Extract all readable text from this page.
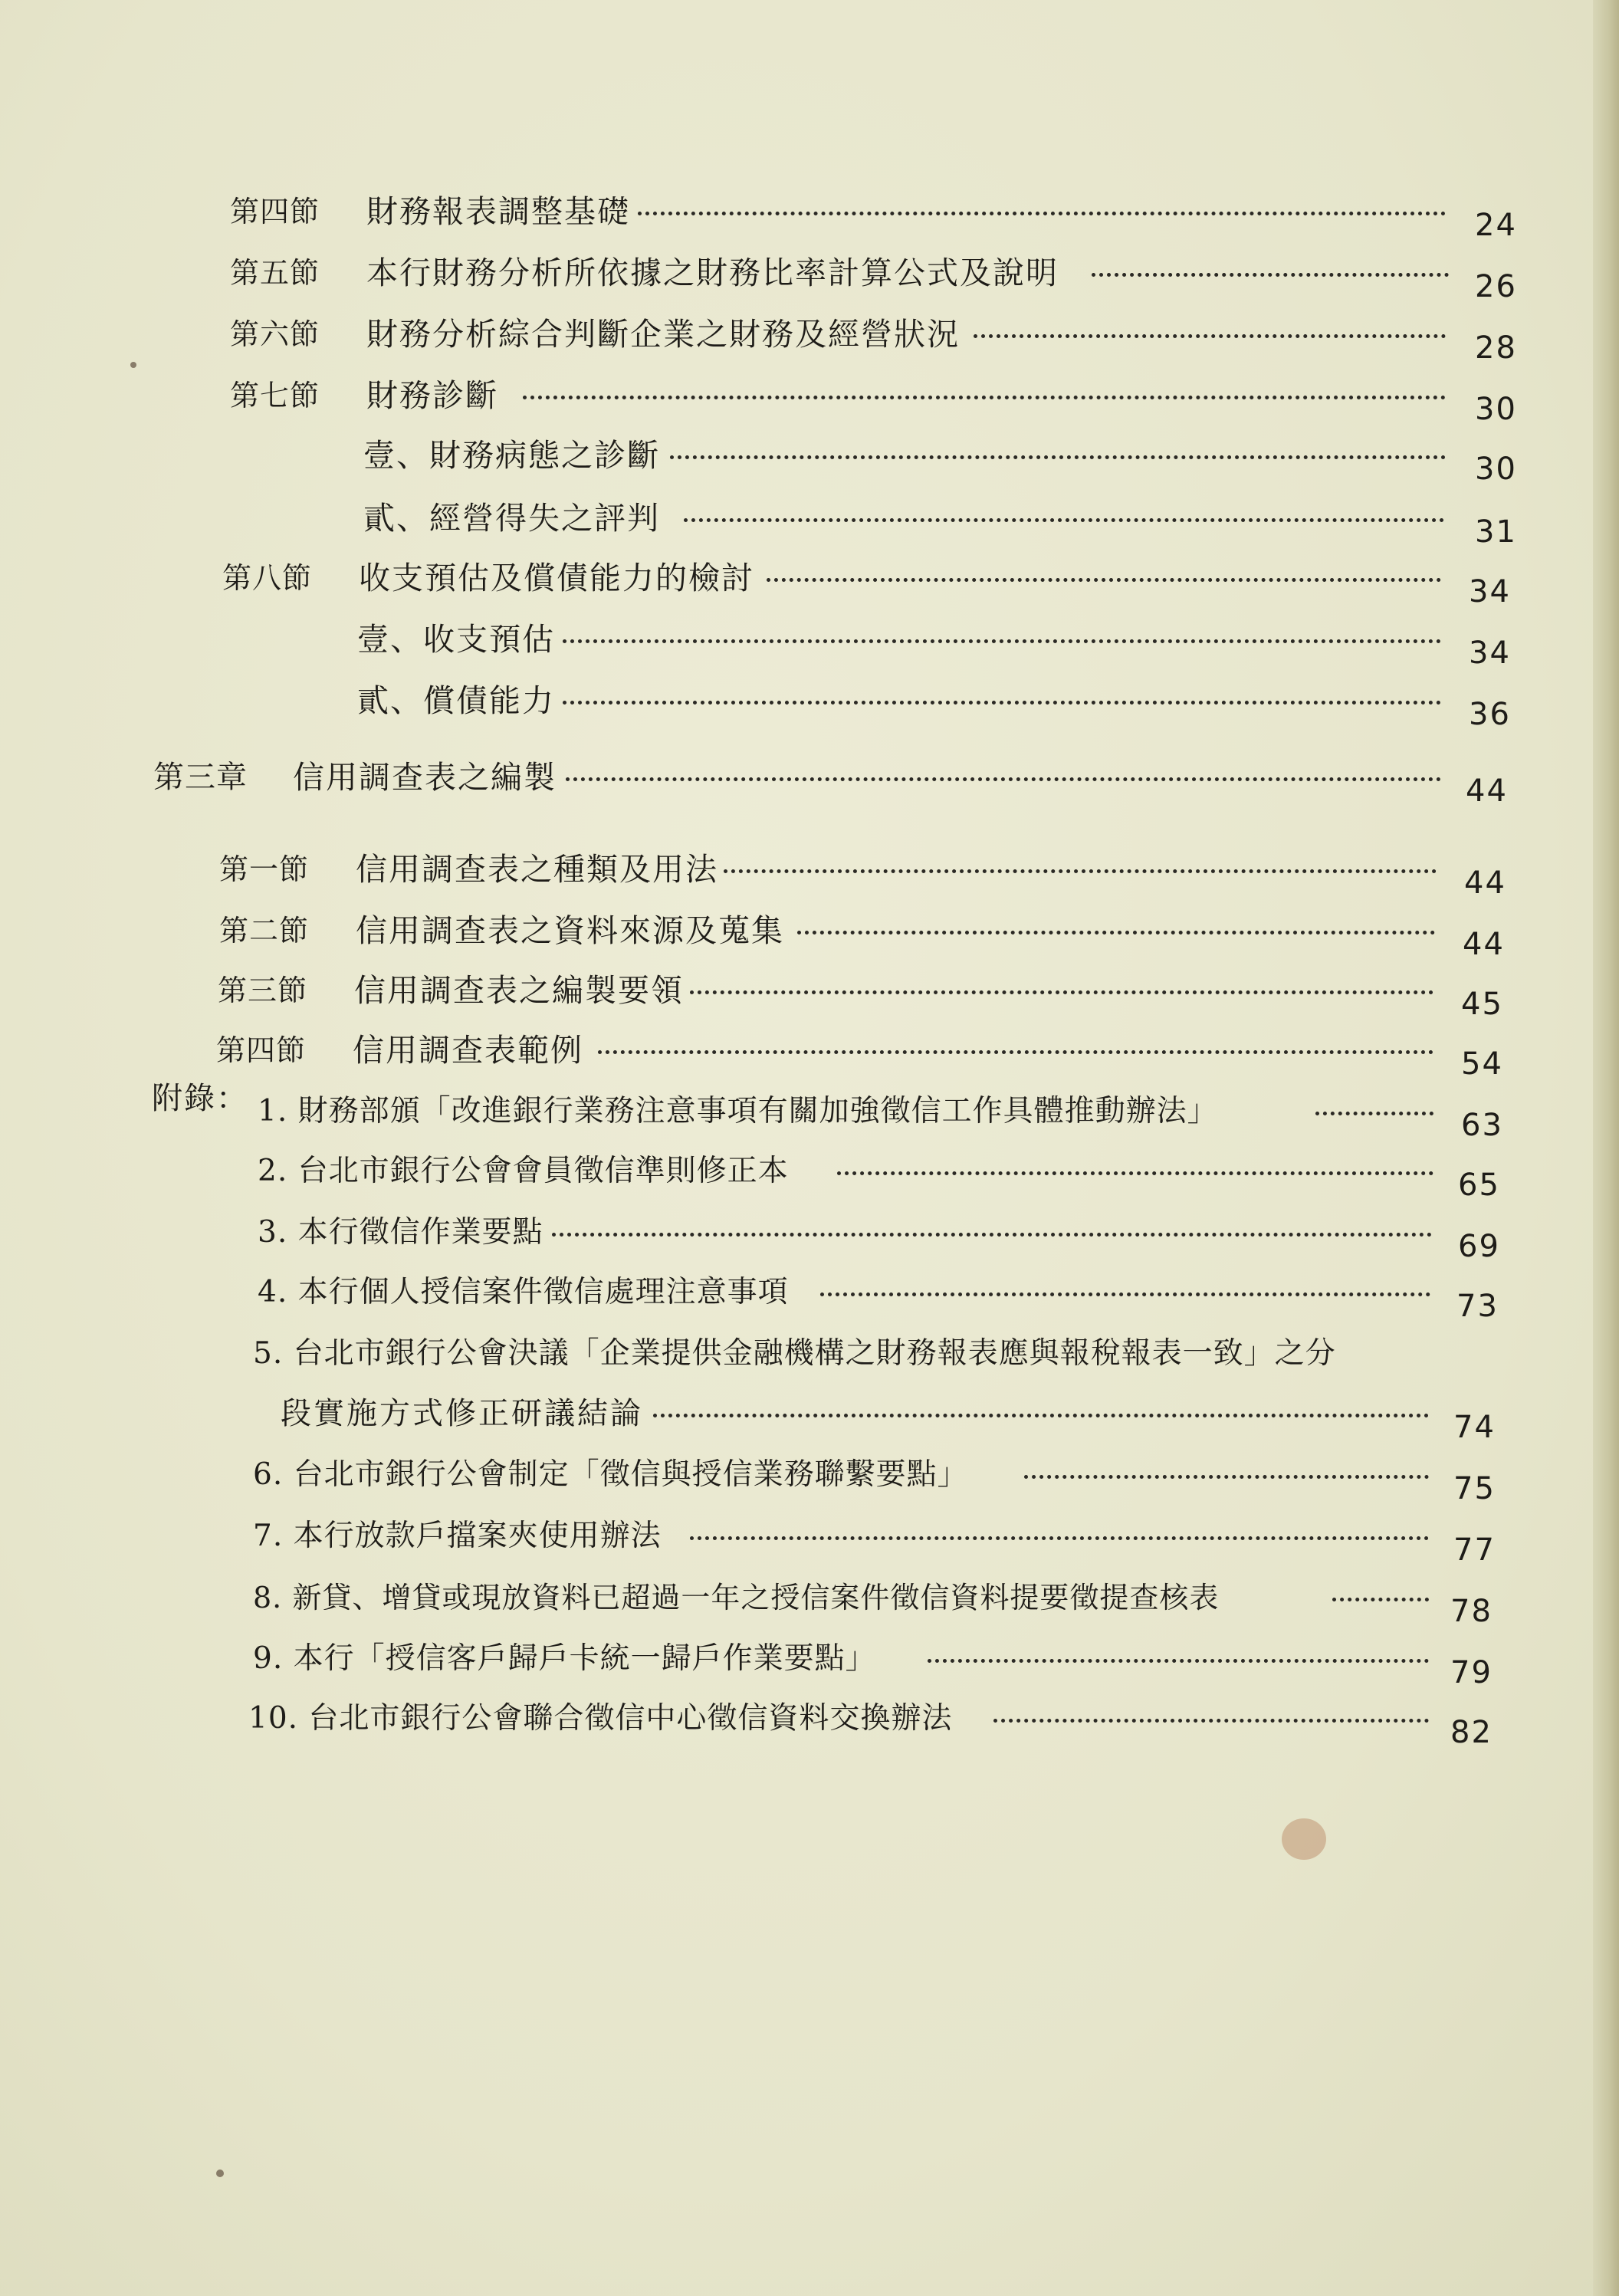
第四節 財務報表調整基礎	24
第五節 本行財務分析所依據之財務比率計算公式及說明	26
第六節 財務分析綜合判斷企業之財務及經營狀況	28
第七節 財務診斷	30
壹、財務病態之診斷	30
貳、經營得失之評判	31
第八節 收支預估及償債能力的檢討	34
壹、收支預估	34
貳、償債能力	36
第三章 信用調查表之編製	44
第一節 信用調查表之種類及用法	44
第二節 信用調查表之資料來源及蒐集	44
第三節 信用調查表之編製要領	45
第四節 信用調查表範例	54
附錄： 1. 財務部頒「改進銀行業務注意事項有關加強徵信工作具體推動辦法」	63
2. 台北市銀行公會會員徵信準則修正本	65
3. 本行徵信作業要點	69
4. 本行個人授信案件徵信處理注意事項	73
5. 台北市銀行公會決議「企業提供金融機構之財務報表應與報稅報表一致」之分
段實施方式修正研議結論	74
6. 台北市銀行公會制定「徵信與授信業務聯繫要點」	75
7. 本行放款戶擋案夾使用辦法	77
8. 新貸、增貸或現放資料已超過一年之授信案件徵信資料提要徵提查核表	78
9. 本行「授信客戶歸戶卡統一歸戶作業要點」	79
10. 台北市銀行公會聯合徵信中心徵信資料交換辦法	82
